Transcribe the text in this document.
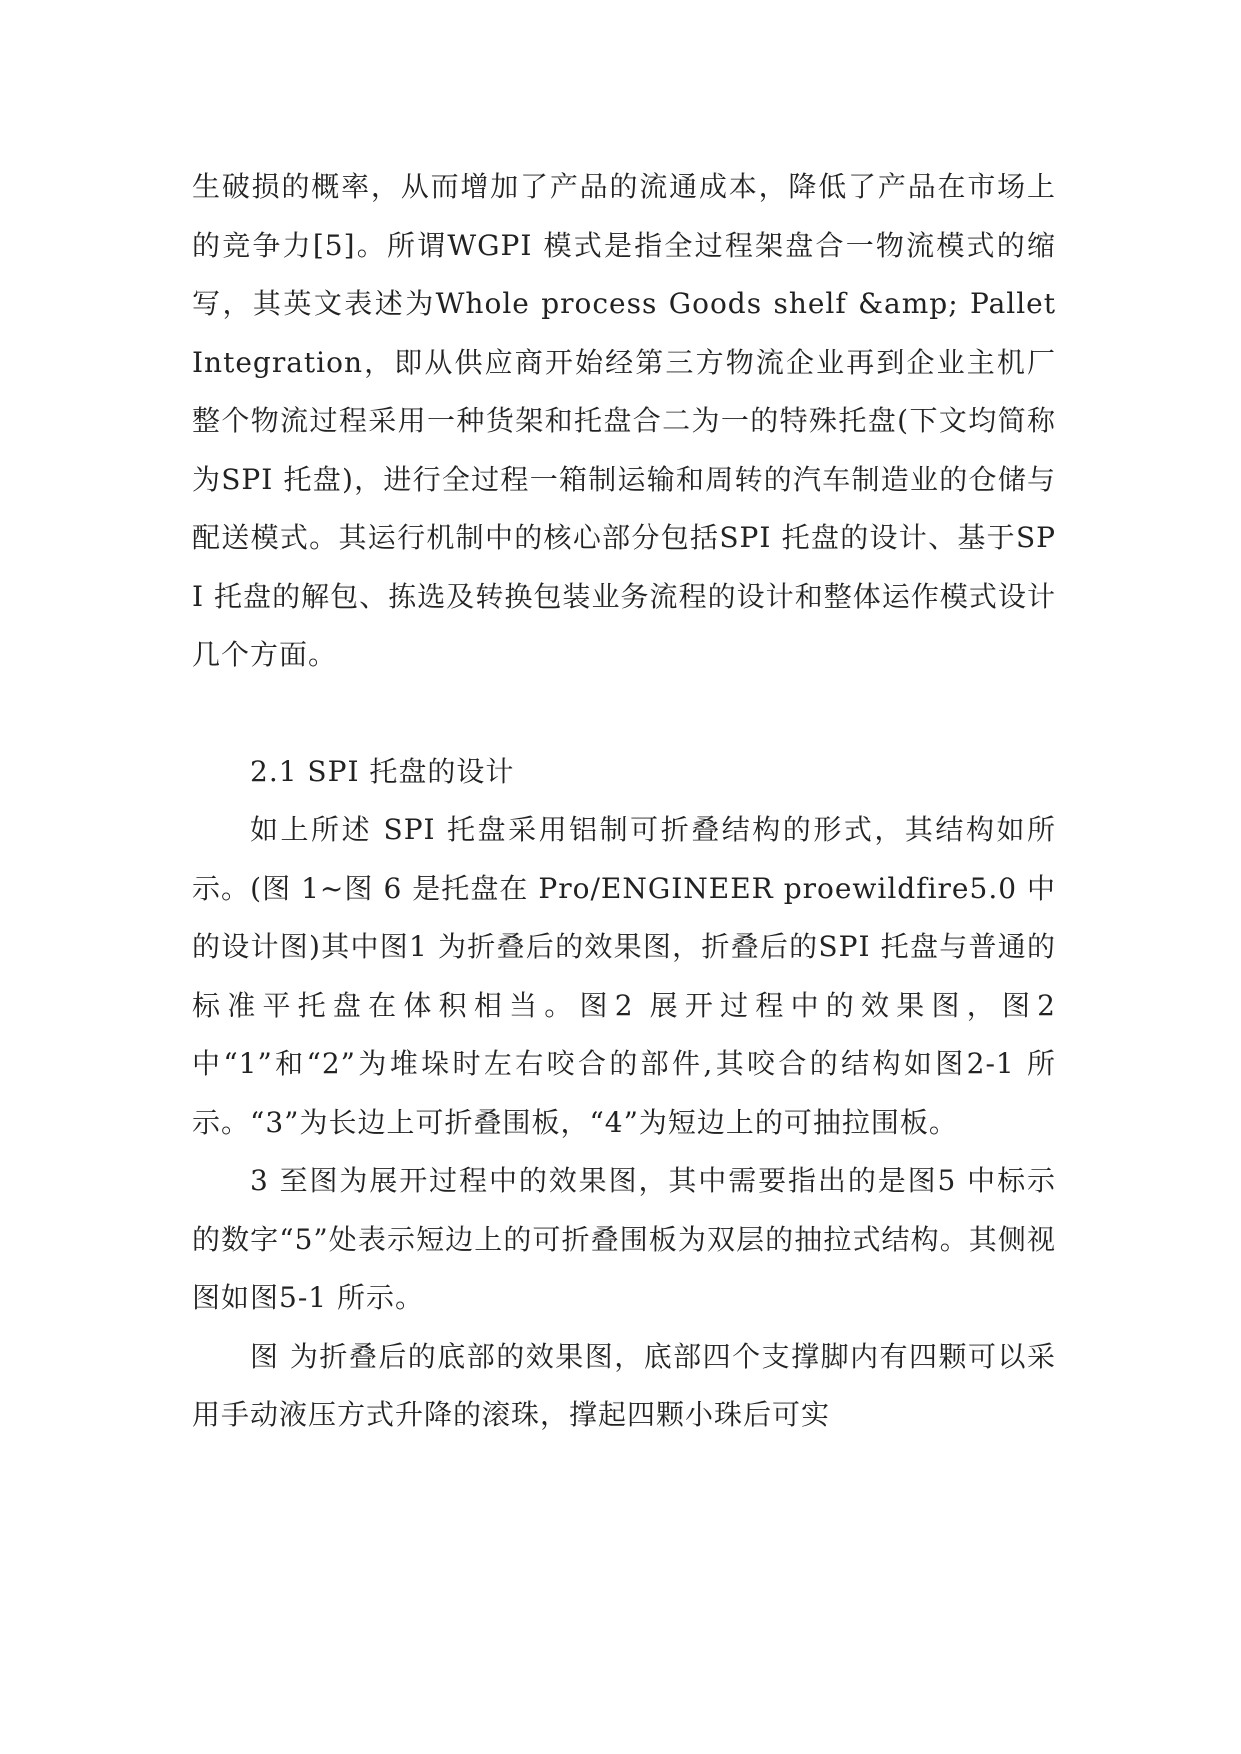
生破损的概率，从而增加了产品的流通成本，降低了产品在市场上的竞争力[5]。所谓WGPI 模式是指全过程架盘合一物流模式的缩写，其英文表述为Whole process Goods shelf &amp; Pallet Integration，即从供应商开始经第三方物流企业再到企业主机厂整个物流过程采用一种货架和托盘合二为一的特殊托盘(下文均简称为SPI 托盘)，进行全过程一箱制运输和周转的汽车制造业的仓储与配送模式。其运行机制中的核心部分包括SPI 托盘的设计、基于SPI 托盘的解包、拣选及转换包装业务流程的设计和整体运作模式设计几个方面。

2.1 SPI 托盘的设计

如上所述 SPI 托盘采用铝制可折叠结构的形式，其结构如所示。(图 1~图 6 是托盘在 Pro/ENGINEER proewildfire5.0 中的设计图)其中图1 为折叠后的效果图，折叠后的SPI 托盘与普通的标准平托盘在体积相当。图2 展开过程中的效果图，图2 中“1”和“2”为堆垛时左右咬合的部件,其咬合的结构如图2-1 所示。“3”为长边上可折叠围板，“4”为短边上的可抽拉围板。

3 至图为展开过程中的效果图，其中需要指出的是图5 中标示的数字“5”处表示短边上的可折叠围板为双层的抽拉式结构。其侧视图如图5-1 所示。

图 为折叠后的底部的效果图，底部四个支撑脚内有四颗可以采用手动液压方式升降的滚珠，撑起四颗小珠后可实
